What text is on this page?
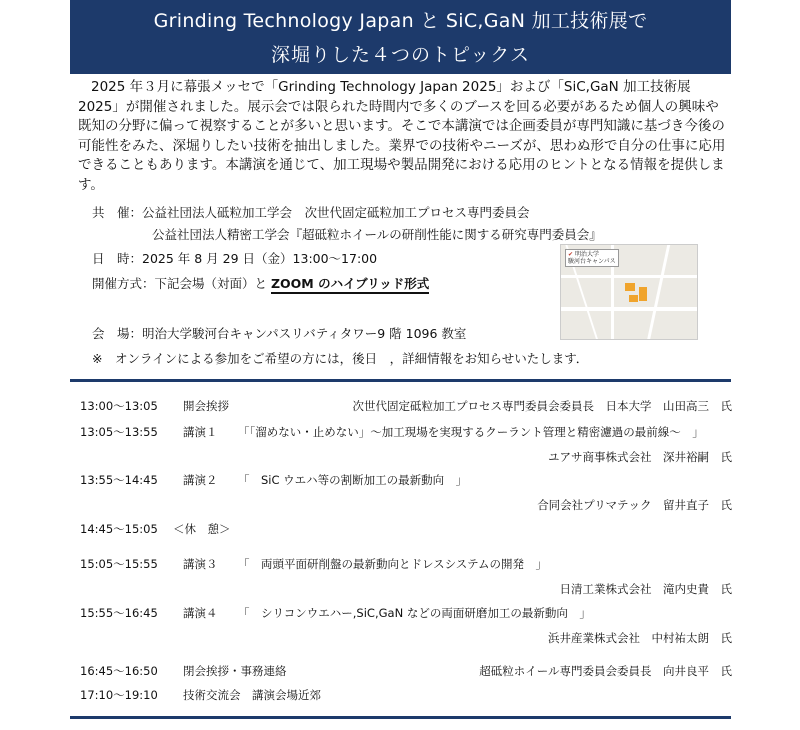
Grinding Technology Japan と SiC,GaN 加工技術展で
深堀りした４つのトピックス

2025 年３月に幕張メッセで「Grinding Technology Japan 2025」および「SiC,GaN 加工技術展 2025」が開催されました。展示会では限られた時間内で多くのブースを回る必要があるため個人の興味や既知の分野に偏って視察することが多いと思います。そこで本講演では企画委員が専門知識に基づき今後の可能性をみた、深堀りしたい技術を抽出しました。業界での技術やニーズが、思わぬ形で自分の仕事に応用できることもあります。本講演を通じて、加工現場や製品開発における応用のヒントとなる情報を提供します。

共　催：公益社団法人砥粒加工学会　次世代固定砥粒加工プロセス専門委員会
公益社団法人精密工学会『超砥粒ホイールの研削性能に関する研究専門委員会』
日　時：2025 年 8 月 29 日（金）13:00～17:00
開催方式：下記会場（対面）と ZOOM のハイブリッド形式
✔ 明治大学
駿河台キャンパス
会　場：明治大学駿河台キャンパスリバティタワー9 階 1096 教室
※　オンラインによる参加をご希望の方には，後日　，詳細情報をお知らせいたします．
13:00～13:05 開会挨拶	次世代固定砥粒加工プロセス専門委員会委員長　日本大学　山田高三　氏
13:05～13:55 講演１ 「「溜めない・止めない」～加工現場を実現するクーラント管理と精密濾過の最前線～　」
ユアサ商事株式会社　深井裕嗣　氏
13:55～14:45 講演２ 「　SiC ウエハ等の割断加工の最新動向　」
合同会社プリマテック　留井直子　氏
14:45～15:05 ＜休　憩＞
15:05～15:55 講演３ 「　両頭平面研削盤の最新動向とドレスシステムの開発　」
日清工業株式会社　滝内史貴　氏
15:55～16:45 講演４ 「　シリコンウエハー,SiC,GaN などの両面研磨加工の最新動向　」
浜井産業株式会社　中村祐太朗　氏
16:45～16:50 閉会挨拶・事務連絡	超砥粒ホイール専門委員会委員長　向井良平　氏
17:10～19:10 技術交流会　講演会場近郊
